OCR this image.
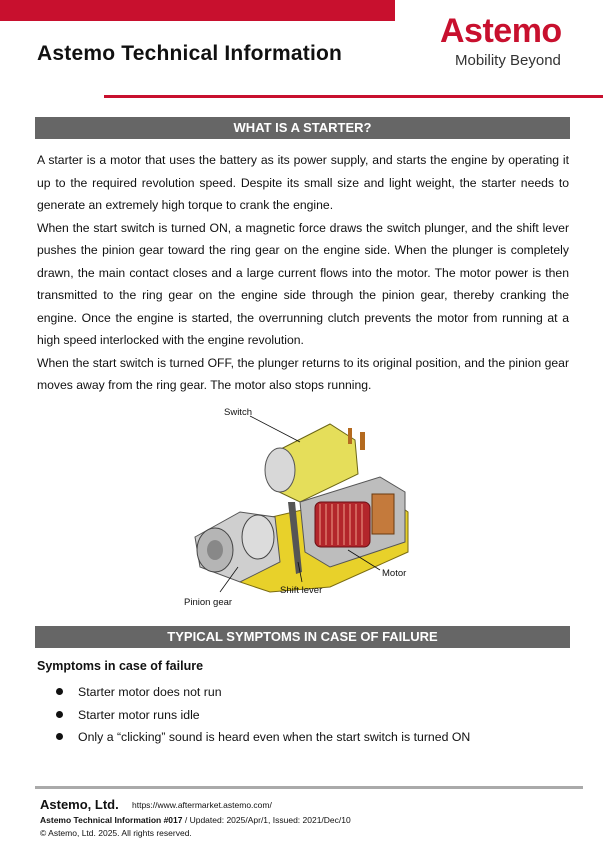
Astemo Technical Information
Astemo
Mobility Beyond
WHAT IS A STARTER?

A starter is a motor that uses the battery as its power supply, and starts the engine by operating it up to the required revolution speed. Despite its small size and light weight, the starter needs to generate an extremely high torque to crank the engine.

When the start switch is turned ON, a magnetic force draws the switch plunger, and the shift lever pushes the pinion gear toward the ring gear on the engine side. When the plunger is completely drawn, the main contact closes and a large current flows into the motor. The motor power is then transmitted to the ring gear on the engine side through the pinion gear, thereby cranking the engine. Once the engine is started, the overrunning clutch prevents the motor from running at a high speed interlocked with the engine revolution.

When the start switch is turned OFF, the plunger returns to its original position, and the pinion gear moves away from the ring gear. The motor also stops running.

Switch
Motor
Shift lever
Pinion gear
TYPICAL SYMPTOMS IN CASE OF FAILURE
Symptoms in case of failure
Starter motor does not run
Starter motor runs idle
Only a “clicking” sound is heard even when the start switch is turned ON
Astemo, Ltd. https://www.aftermarket.astemo.com/
Astemo Technical Information #017 / Updated: 2025/Apr/1, Issued: 2021/Dec/10
© Astemo, Ltd. 2025. All rights reserved.
